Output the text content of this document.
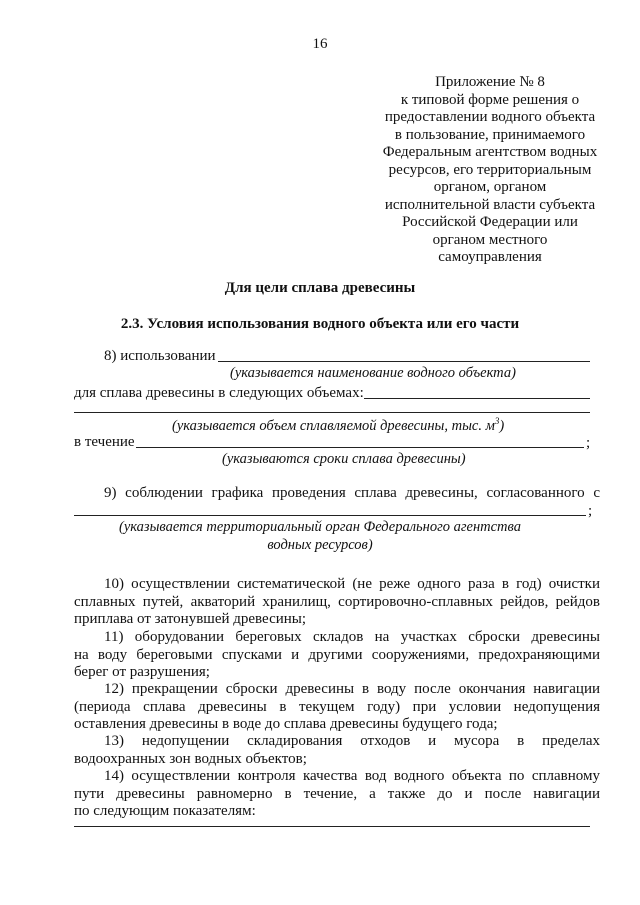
16
Приложение № 8
к типовой форме решения о
предоставлении водного объекта
в пользование, принимаемого
Федеральным агентством водных
ресурсов, его территориальным
органом, органом
исполнительной власти субъекта
Российской Федерации или
органом местного
самоуправления
Для цели сплава древесины
2.3. Условия использования водного объекта или его части
8) использовании
(указывается наименование водного объекта)
для сплава древесины в следующих объемах:
(указывается объем сплавляемой древесины, тыс. $м^3$)
в течение	;
(указываются сроки сплава древесины)
9) соблюдении графика проведения сплава древесины, согласованного с
;
(указывается территориальный орган Федерального агентства
водных ресурсов)
10) осуществлении систематической (не реже одного раза в год) очистки
сплавных путей, акваторий хранилищ, сортировочно-сплавных рейдов, рейдов
приплава от затонувшей древесины;
11) оборудовании береговых складов на участках сброски древесины
на воду береговыми спусками и другими сооружениями, предохраняющими
берег от разрушения;
12) прекращении сброски древесины в воду после окончания навигации
(периода сплава древесины в текущем году) при условии недопущения
оставления древесины в воде до сплава древесины будущего года;
13) недопущении складирования отходов и мусора в пределах
водоохранных зон водных объектов;
14) осуществлении контроля качества вод водного объекта по сплавному
пути древесины равномерно в течение, а также до и после навигации
по следующим показателям:
